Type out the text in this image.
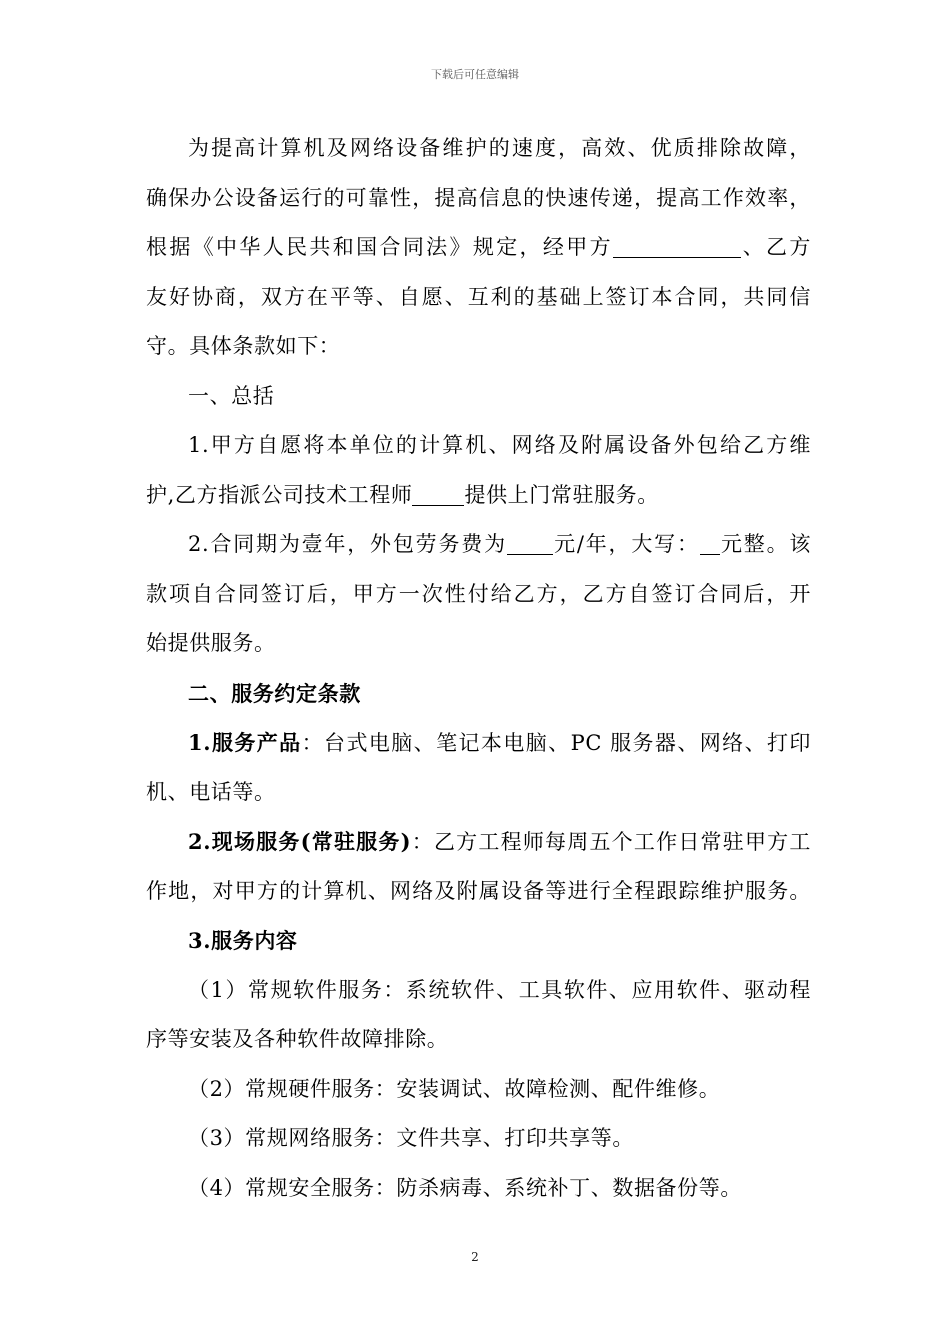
下载后可任意编辑
为提高计算机及网络设备维护的速度，高效、优质排除故障，
确保办公设备运行的可靠性，提高信息的快速传递，提高工作效率，
根据《中华人民共和国合同法》规定，经甲方	、乙方
友好协商，双方在平等、自愿、互利的基础上签订本合同，共同信
守。具体条款如下：
一、总括
1.甲方自愿将本单位的计算机、网络及附属设备外包给乙方维
护,乙方指派公司技术工程师 提供上门常驻服务。
2.合同期为壹年，外包劳务费为 元/年，大写： 元整。该
款项自合同签订后，甲方一次性付给乙方，乙方自签订合同后，开
始提供服务。
二、服务约定条款
1.服务产品：台式电脑、笔记本电脑、PC 服务器、网络、打印
机、电话等。
2.现场服务(常驻服务)：乙方工程师每周五个工作日常驻甲方工
作地，对甲方的计算机、网络及附属设备等进行全程跟踪维护服务。
3.服务内容
（1）常规软件服务：系统软件、工具软件、应用软件、驱动程
序等安装及各种软件故障排除。
（2）常规硬件服务：安装调试、故障检测、配件维修。
（3）常规网络服务：文件共享、打印共享等。
（4）常规安全服务：防杀病毒、系统补丁、数据备份等。
2
